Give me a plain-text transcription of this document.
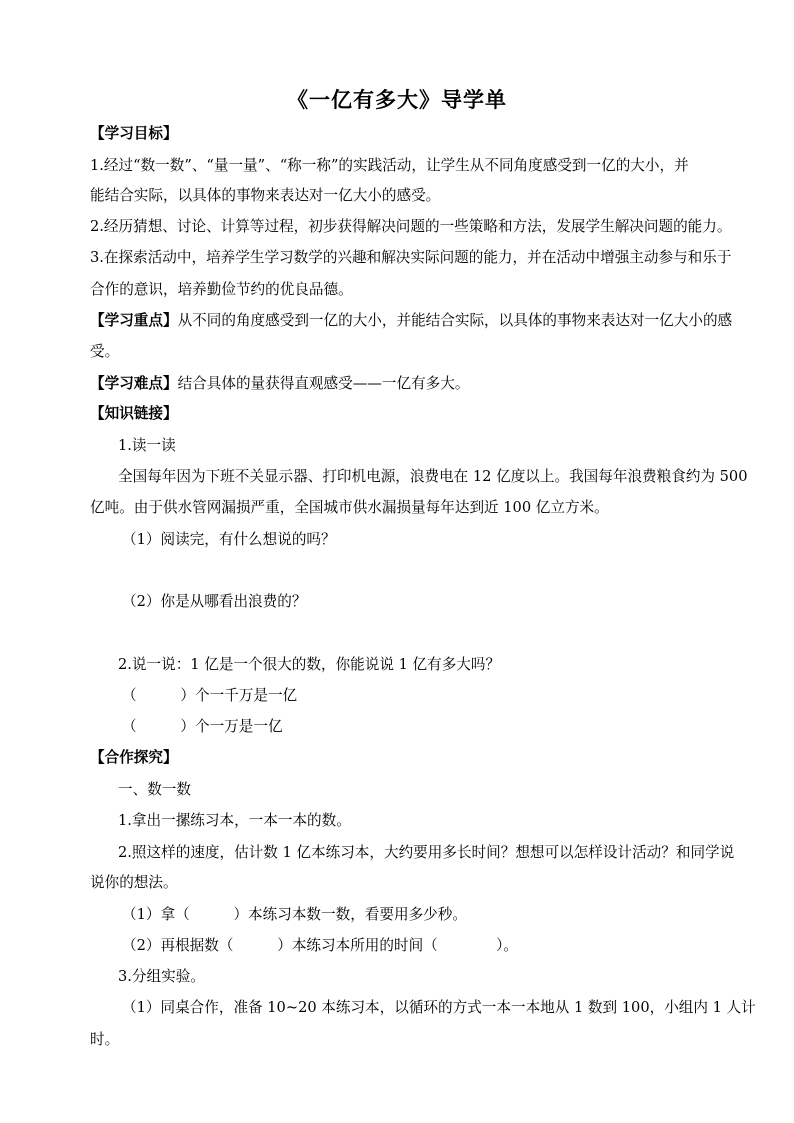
《一亿有多大》导学单
【学习目标】
1.经过“数一数”、“量一量”、“称一称”的实践活动，让学生从不同角度感受到一亿的大小，并
能结合实际，以具体的事物来表达对一亿大小的感受。
2.经历猜想、讨论、计算等过程，初步获得解决问题的一些策略和方法，发展学生解决问题的能力。
3.在探索活动中，培养学生学习数学的兴趣和解决实际问题的能力，并在活动中增强主动参与和乐于
合作的意识，培养勤俭节约的优良品德。
【学习重点】从不同的角度感受到一亿的大小，并能结合实际，以具体的事物来表达对一亿大小的感
受。
【学习难点】结合具体的量获得直观感受——一亿有多大。
【知识链接】
1.读一读
全国每年因为下班不关显示器、打印机电源，浪费电在 12 亿度以上。我国每年浪费粮食约为 500
亿吨。由于供水管网漏损严重，全国城市供水漏损量每年达到近 100 亿立方米。
（1）阅读完，有什么想说的吗？
（2）你是从哪看出浪费的？
2.说一说：1 亿是一个很大的数，你能说说 1 亿有多大吗？
（　　　）个一千万是一亿
（　　　）个一万是一亿
【合作探究】
一、数一数
1.拿出一摞练习本，一本一本的数。
2.照这样的速度，估计数 1 亿本练习本，大约要用多长时间？想想可以怎样设计活动？和同学说
说你的想法。
（1）拿（　　　）本练习本数一数，看要用多少秒。
（2）再根据数（　　　）本练习本所用的时间（　　　　）。
3.分组实验。
（1）同桌合作，准备 10~20 本练习本，以循环的方式一本一本地从 1 数到 100，小组内 1 人计
时。
